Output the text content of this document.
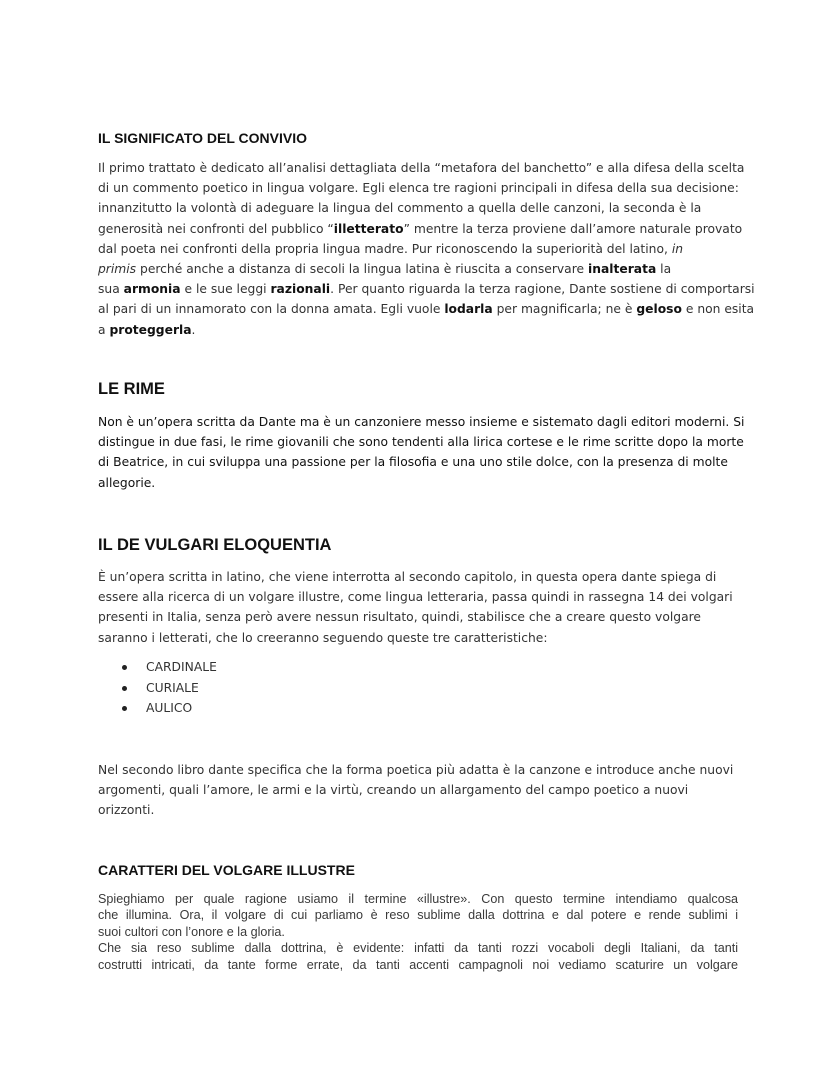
IL SIGNIFICATO DEL CONVIVIO
Il primo trattato è dedicato all’analisi dettagliata della “metafora del banchetto” e alla difesa della scelta
di un commento poetico in lingua volgare. Egli elenca tre ragioni principali in difesa della sua decisione:
innanzitutto la volontà di adeguare la lingua del commento a quella delle canzoni, la seconda è la
generosità nei confronti del pubblico “illetterato” mentre la terza proviene dall’amore naturale provato
dal poeta nei confronti della propria lingua madre. Pur riconoscendo la superiorità del latino, in
primis perché anche a distanza di secoli la lingua latina è riuscita a conservare inalterata la
sua armonia e le sue leggi razionali. Per quanto riguarda la terza ragione, Dante sostiene di comportarsi
al pari di un innamorato con la donna amata. Egli vuole lodarla per magnificarla; ne è geloso e non esita
a proteggerla.
LE RIME
Non è un’opera scritta da Dante ma è un canzoniere messo insieme e sistemato dagli editori moderni. Si
distingue in due fasi, le rime giovanili che sono tendenti alla lirica cortese e le rime scritte dopo la morte
di Beatrice, in cui sviluppa una passione per la filosofia e una uno stile dolce, con la presenza di molte
allegorie.
IL DE VULGARI ELOQUENTIA
È un’opera scritta in latino, che viene interrotta al secondo capitolo, in questa opera dante spiega di
essere alla ricerca di un volgare illustre, come lingua letteraria, passa quindi in rassegna 14 dei volgari
presenti in Italia, senza però avere nessun risultato, quindi, stabilisce che a creare questo volgare
saranno i letterati, che lo creeranno seguendo queste tre caratteristiche:
CARDINALE
CURIALE
AULICO
Nel secondo libro dante specifica che la forma poetica più adatta è la canzone e introduce anche nuovi
argomenti, quali l’amore, le armi e la virtù, creando un allargamento del campo poetico a nuovi
orizzonti.
CARATTERI DEL VOLGARE ILLUSTRE
Spieghiamo per quale ragione usiamo il termine «illustre». Con questo termine intendiamo qualcosa
che illumina. Ora, il volgare di cui parliamo è reso sublime dalla dottrina e dal potere e rende sublimi i
suoi cultori con l’onore e la gloria.
Che sia reso sublime dalla dottrina, è evidente: infatti da tanti rozzi vocaboli degli Italiani, da tanti
costrutti intricati, da tante forme errate, da tanti accenti campagnoli noi vediamo scaturire un volgare
